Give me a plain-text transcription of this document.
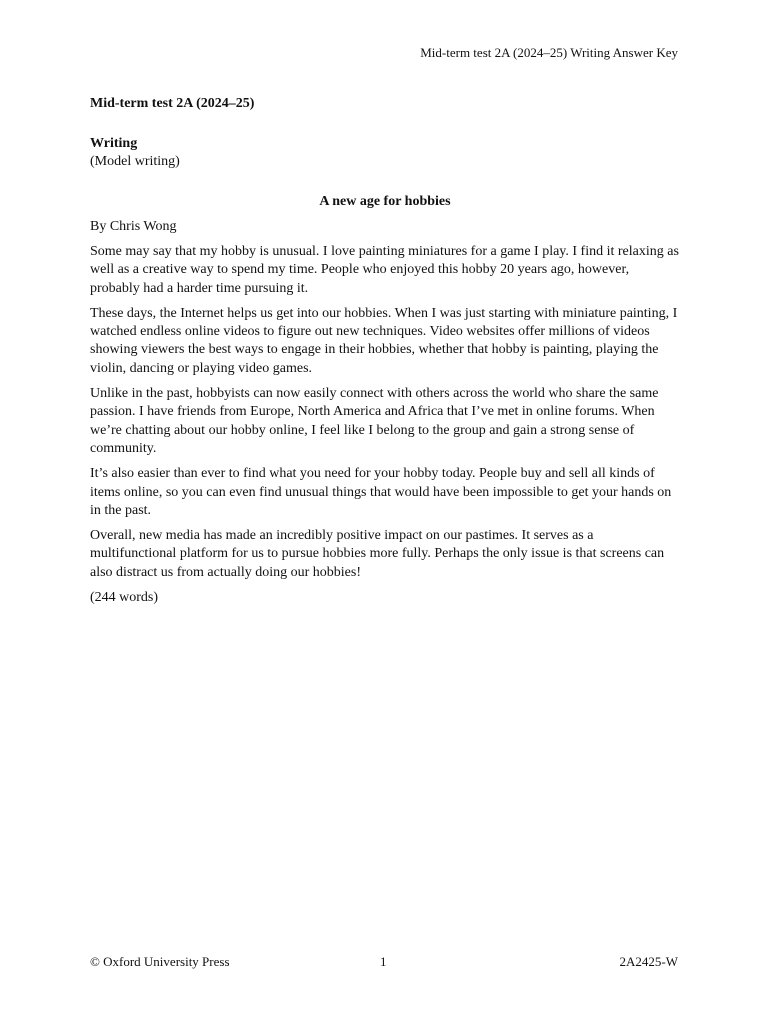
Mid-term test 2A (2024–25) Writing Answer Key

Mid-term test 2A (2024–25)

Writing

(Model writing)

A new age for hobbies

By Chris Wong

Some may say that my hobby is unusual. I love painting miniatures for a game I play. I find it relaxing as well as a creative way to spend my time. People who enjoyed this hobby 20 years ago, however, probably had a harder time pursuing it.

These days, the Internet helps us get into our hobbies. When I was just starting with miniature painting, I watched endless online videos to figure out new techniques. Video websites offer millions of videos showing viewers the best ways to engage in their hobbies, whether that hobby is painting, playing the violin, dancing or playing video games.

Unlike in the past, hobbyists can now easily connect with others across the world who share the same passion. I have friends from Europe, North America and Africa that I’ve met in online forums. When we’re chatting about our hobby online, I feel like I belong to the group and gain a strong sense of community.

It’s also easier than ever to find what you need for your hobby today. People buy and sell all kinds of items online, so you can even find unusual things that would have been impossible to get your hands on in the past.

Overall, new media has made an incredibly positive impact on our pastimes. It serves as a multifunctional platform for us to pursue hobbies more fully. Perhaps the only issue is that screens can also distract us from actually doing our hobbies!

(244 words)

© Oxford University Press	1	2A2425-W
